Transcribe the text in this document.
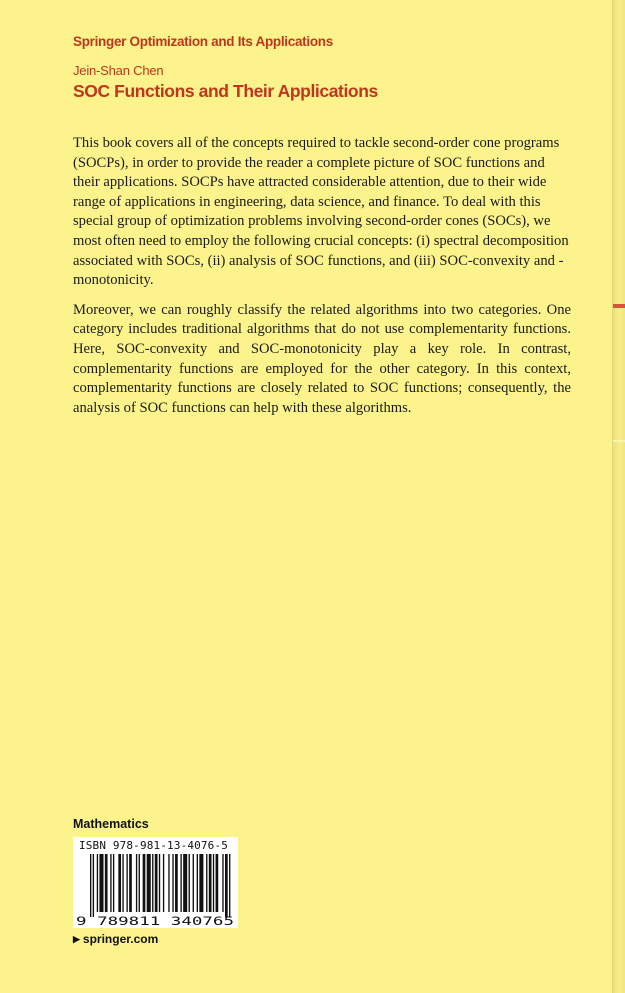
Springer Optimization and Its Applications

Jein-Shan Chen

SOC Functions and Their Applications

This book covers all of the concepts required to tackle second-order cone programs (SOCPs), in order to provide the reader a complete picture of SOC functions and their applications. SOCPs have attracted considerable attention, due to their wide range of applications in engineering, data science, and finance. To deal with this special group of optimization problems involving second-order cones (SOCs), we most often need to employ the following crucial concepts: (i) spectral decomposition associated with SOCs, (ii) analysis of SOC functions, and (iii) SOC-convexity and -monotonicity.

Moreover, we can roughly classify the related algorithms into two categories. One category includes traditional algorithms that do not use complementarity functions. Here, SOC-convexity and SOC-monotonicity play a key role. In contrast, complementarity functions are employed for the other category. In this context, complementarity functions are closely related to SOC functions; consequently, the analysis of SOC functions can help with these algorithms.

Mathematics

ISBN 978-981-13-4076-5
9 789811 340765

▶ springer.com
